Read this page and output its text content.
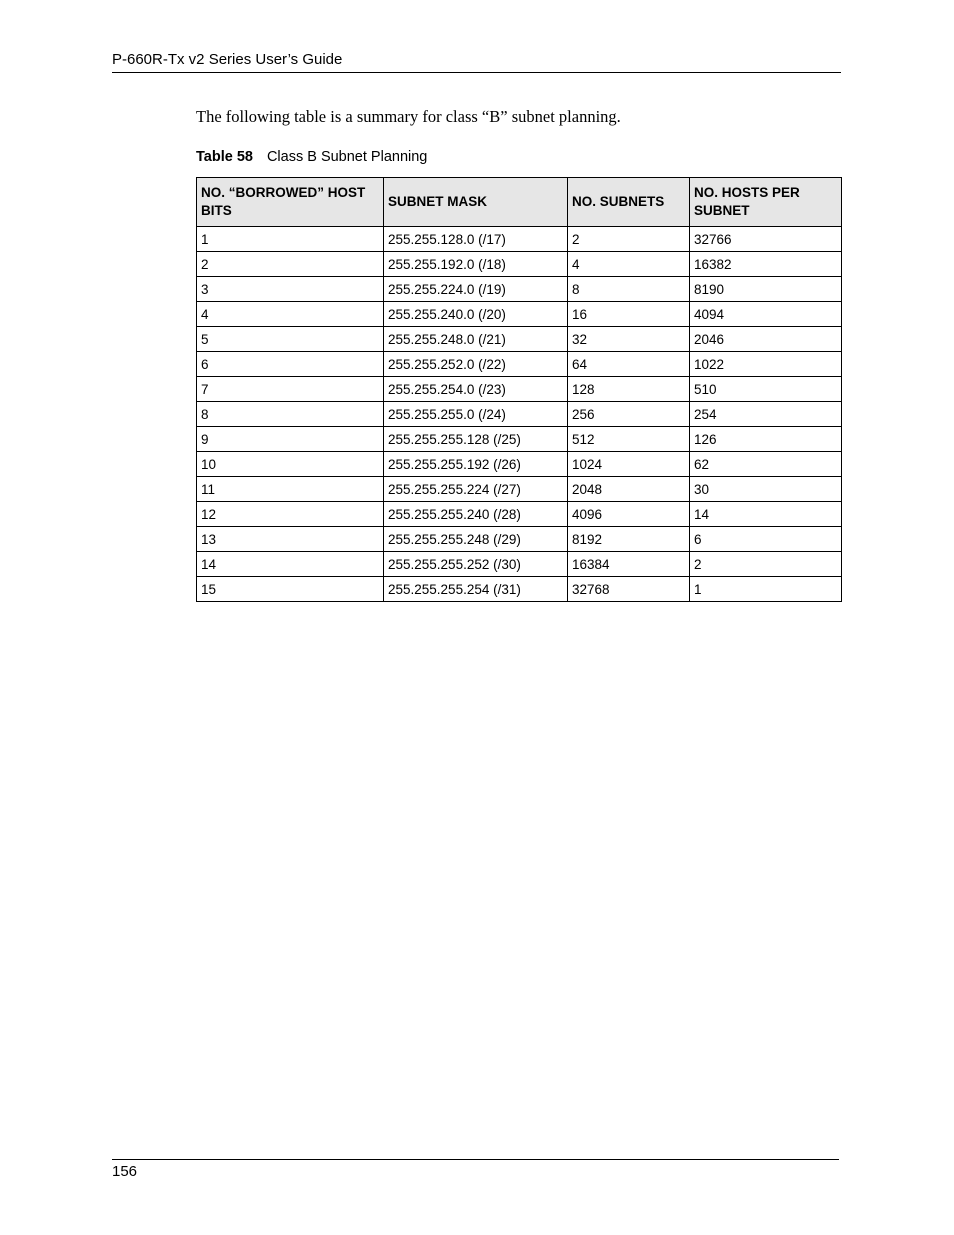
P-660R-Tx v2 Series User’s Guide

The following table is a summary for class “B” subnet planning.

Table 58 Class B Subnet Planning
NO. “BORROWED” HOST BITS	SUBNET MASK	NO. SUBNETS	NO. HOSTS PER SUBNET
1	255.255.128.0 (/17)	2	32766
2	255.255.192.0 (/18)	4	16382
3	255.255.224.0 (/19)	8	8190
4	255.255.240.0 (/20)	16	4094
5	255.255.248.0 (/21)	32	2046
6	255.255.252.0 (/22)	64	1022
7	255.255.254.0 (/23)	128	510
8	255.255.255.0 (/24)	256	254
9	255.255.255.128 (/25)	512	126
10	255.255.255.192 (/26)	1024	62
11	255.255.255.224 (/27)	2048	30
12	255.255.255.240 (/28)	4096	14
13	255.255.255.248 (/29)	8192	6
14	255.255.255.252 (/30)	16384	2
15	255.255.255.254 (/31)	32768	1
156
